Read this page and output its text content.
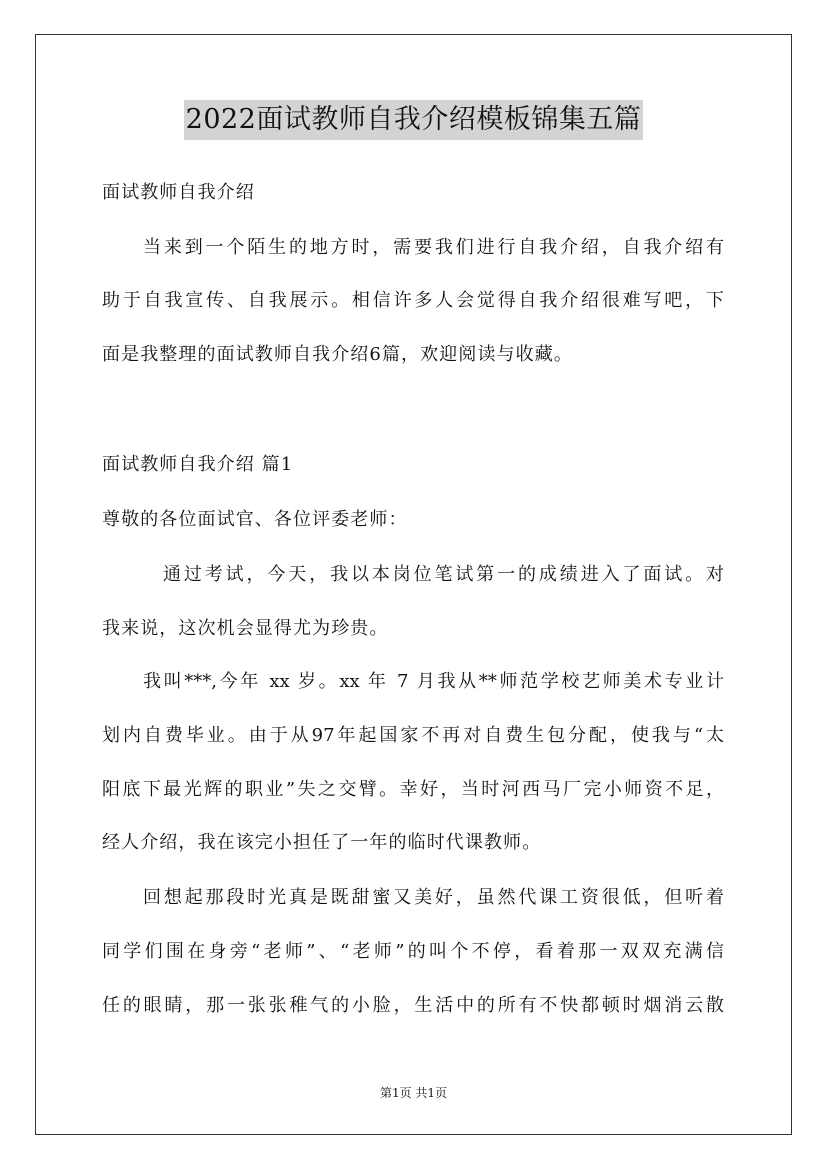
2022面试教师自我介绍模板锦集五篇
面试教师自我介绍
当来到一个陌生的地方时，需要我们进行自我介绍，自我介绍有
助于自我宣传、自我展示。相信许多人会觉得自我介绍很难写吧，下
面是我整理的面试教师自我介绍6篇，欢迎阅读与收藏。
面试教师自我介绍 篇1
尊敬的各位面试官、各位评委老师：
通过考试，今天，我以本岗位笔试第一的成绩进入了面试。对
我来说，这次机会显得尤为珍贵。
我叫***,今年 xx 岁。xx 年 7 月我从**师范学校艺师美术专业计
划内自费毕业。由于从97年起国家不再对自费生包分配，使我与“太
阳底下最光辉的职业”失之交臂。幸好，当时河西马厂完小师资不足，
经人介绍，我在该完小担任了一年的临时代课教师。
回想起那段时光真是既甜蜜又美好，虽然代课工资很低，但听着
同学们围在身旁“老师”、“老师”的叫个不停，看着那一双双充满信
任的眼睛，那一张张稚气的小脸，生活中的所有不快都顿时烟消云散
第1页 共1页
